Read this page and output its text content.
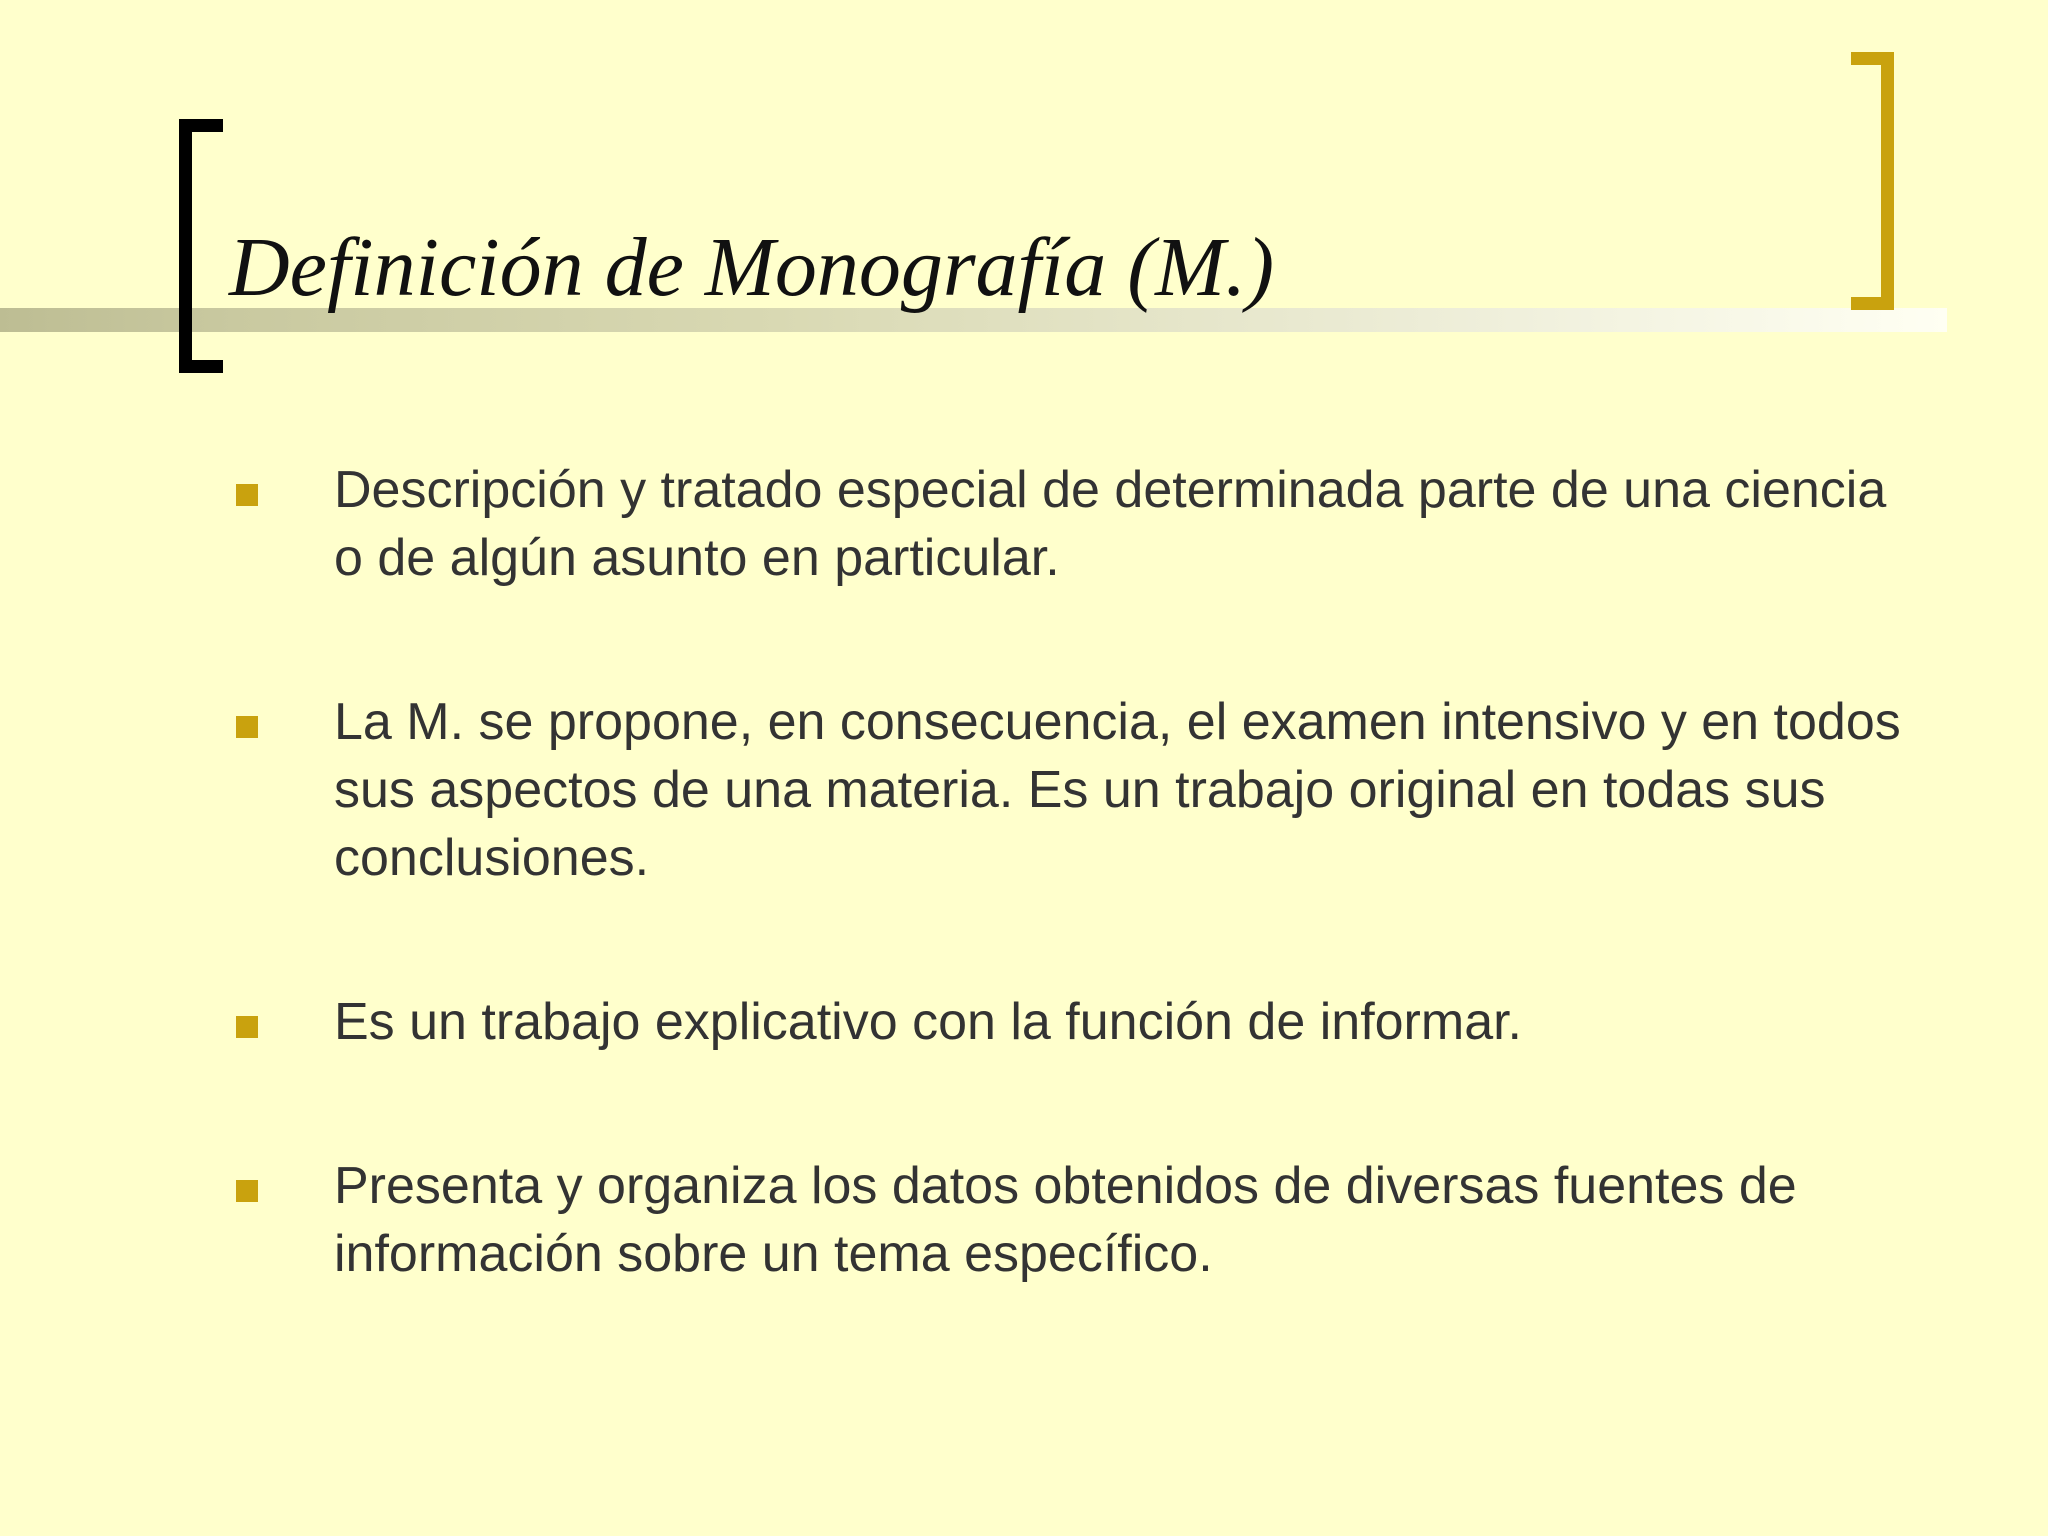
Definición de Monografía (M.)
Descripción y tratado especial de determinada parte de una ciencia o de algún asunto en particular.
La M. se propone, en consecuencia, el examen intensivo y en todos sus aspectos de una materia. Es un trabajo original en todas sus conclusiones.
Es un trabajo explicativo con la función de informar.
Presenta y organiza los datos obtenidos de diversas fuentes de información sobre un tema específico.
